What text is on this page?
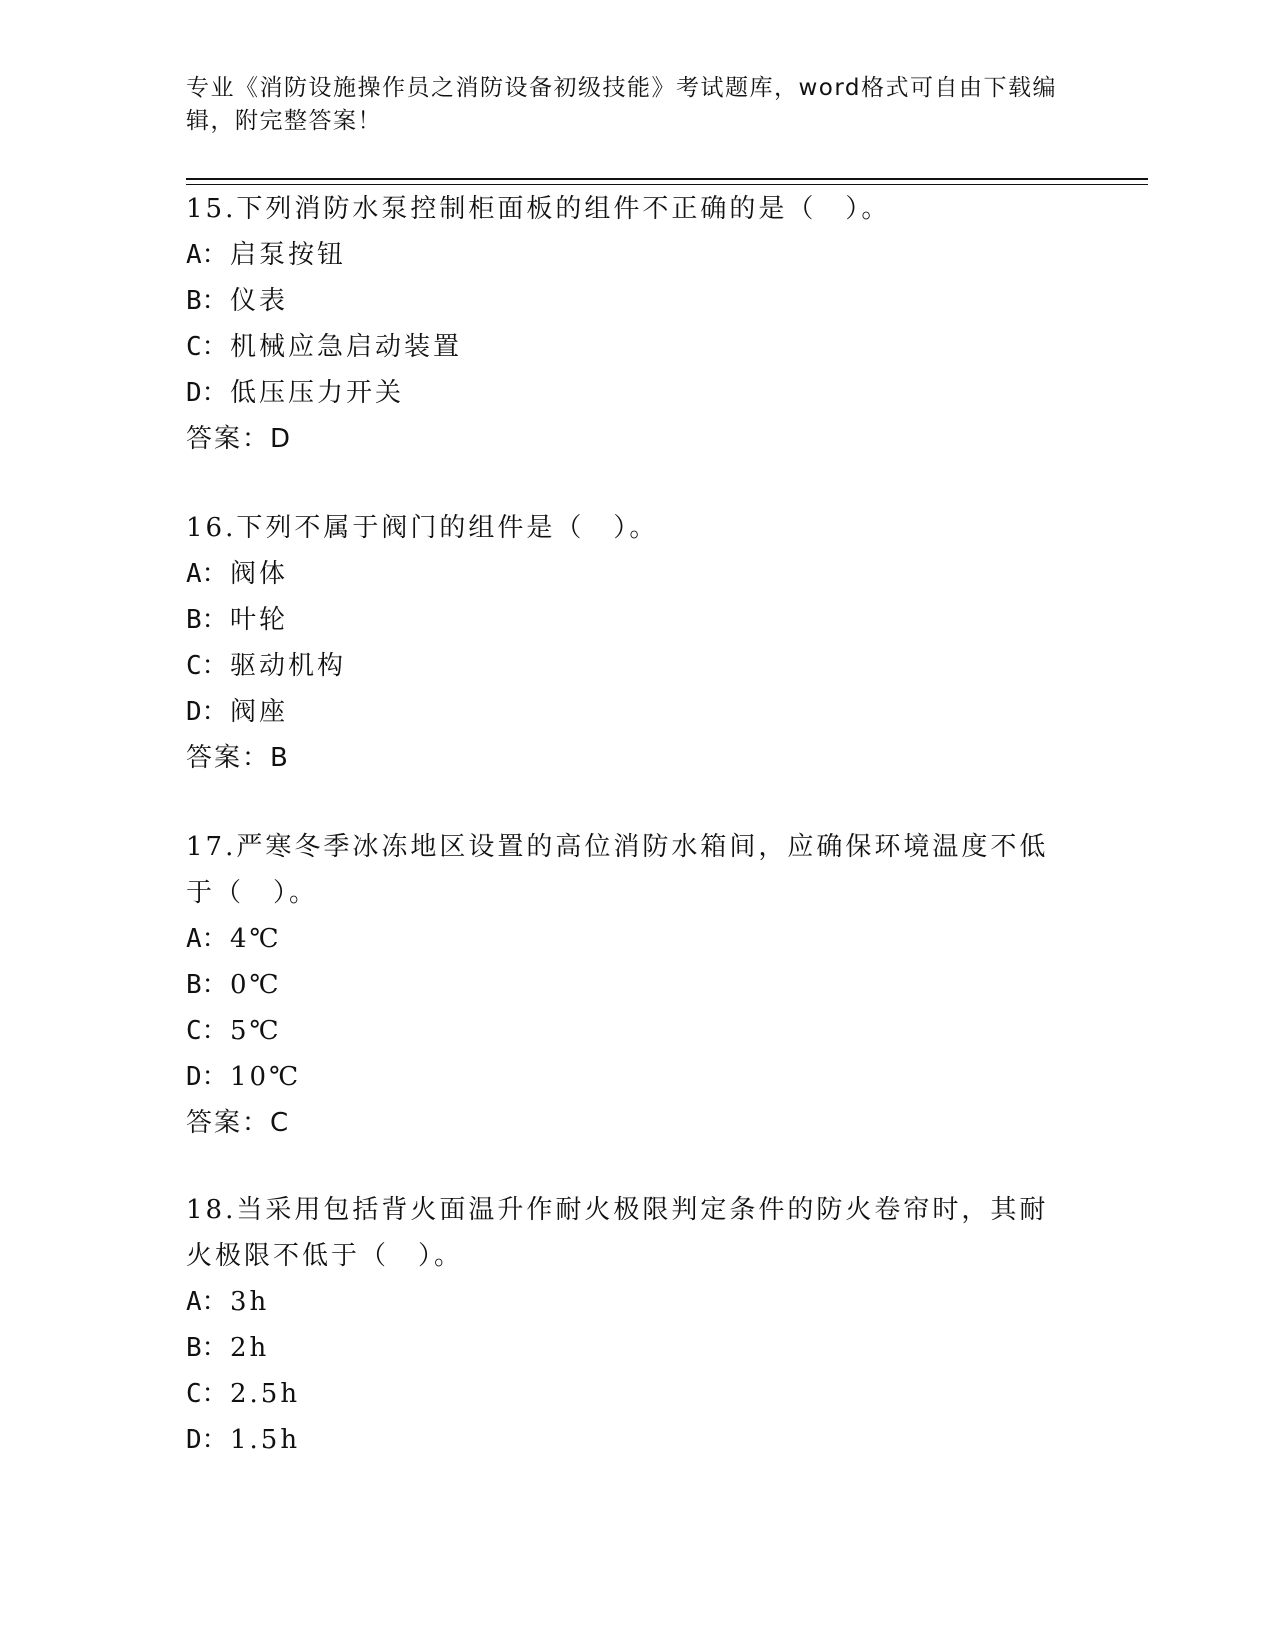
专业《消防设施操作员之消防设备初级技能》考试题库，word格式可自由下载编辑，附完整答案！
15.下列消防水泵控制柜面板的组件不正确的是（　）。
A：启泵按钮
B：仪表
C：机械应急启动装置
D：低压压力开关
答案：D
16.下列不属于阀门的组件是（　）。
A：阀体
B：叶轮
C：驱动机构
D：阀座
答案：B
17.严寒冬季冰冻地区设置的高位消防水箱间，应确保环境温度不低于（　）。
A：4℃
B：0℃
C：5℃
D：10℃
答案：C
18.当采用包括背火面温升作耐火极限判定条件的防火卷帘时，其耐火极限不低于（　）。
A：3h
B：2h
C：2.5h
D：1.5h
